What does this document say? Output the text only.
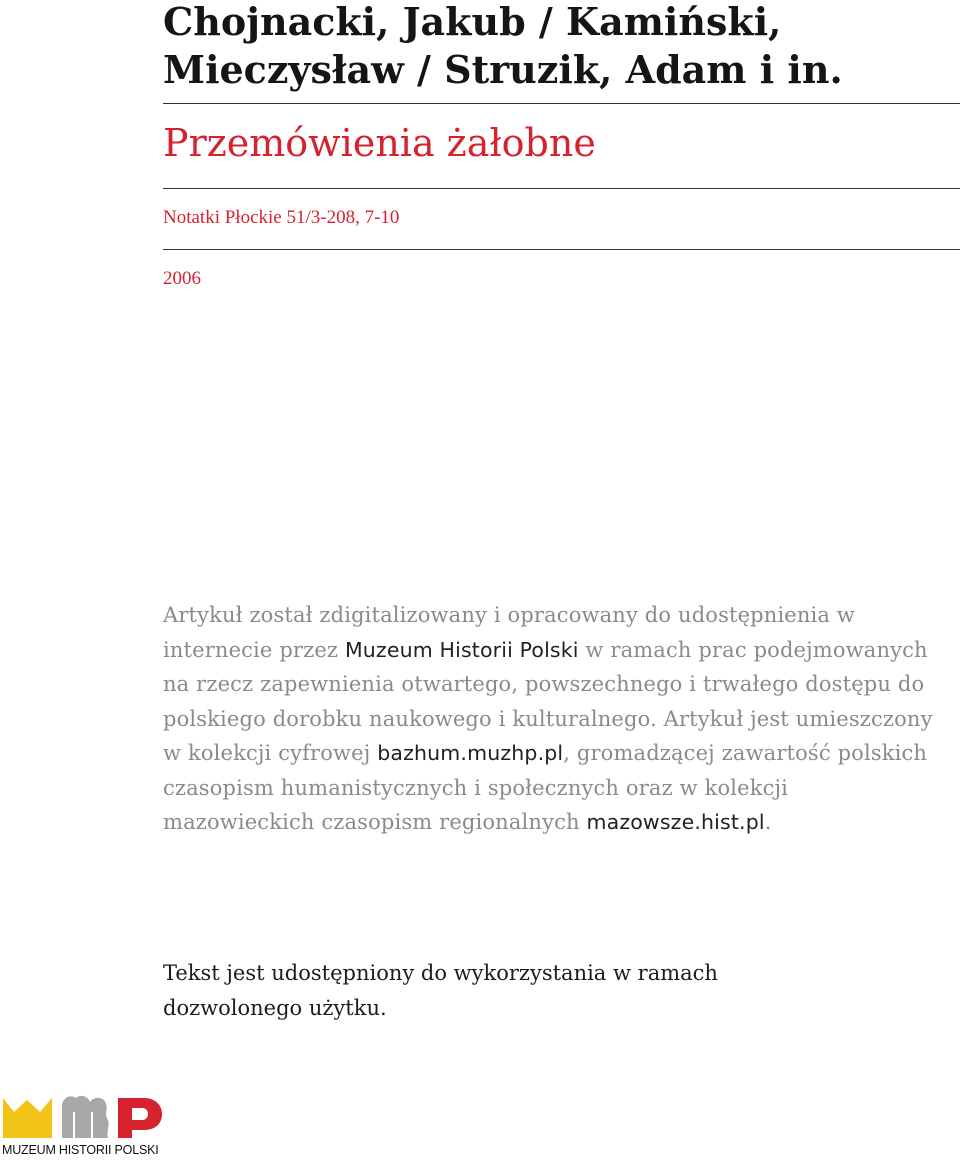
Chojnacki, Jakub / Kamiński,
Mieczysław / Struzik, Adam i in.
Przemówienia żałobne
Notatki Płockie 51/3-208, 7-10
2006

Artykuł został zdigitalizowany i opracowany do udostępnienia w internecie przez Muzeum Historii Polski w ramach prac podejmowanych na rzecz zapewnienia otwartego, powszechnego i trwałego dostępu do polskiego dorobku naukowego i kulturalnego. Artykuł jest umieszczony w kolekcji cyfrowej bazhum.muzhp.pl, gromadzącej zawartość polskich czasopism humanistycznych i społecznych oraz w kolekcji mazowieckich czasopism regionalnych mazowsze.hist.pl.

Tekst jest udostępniony do wykorzystania w ramach dozwolonego użytku.

MUZEUM HISTORII POLSKI
